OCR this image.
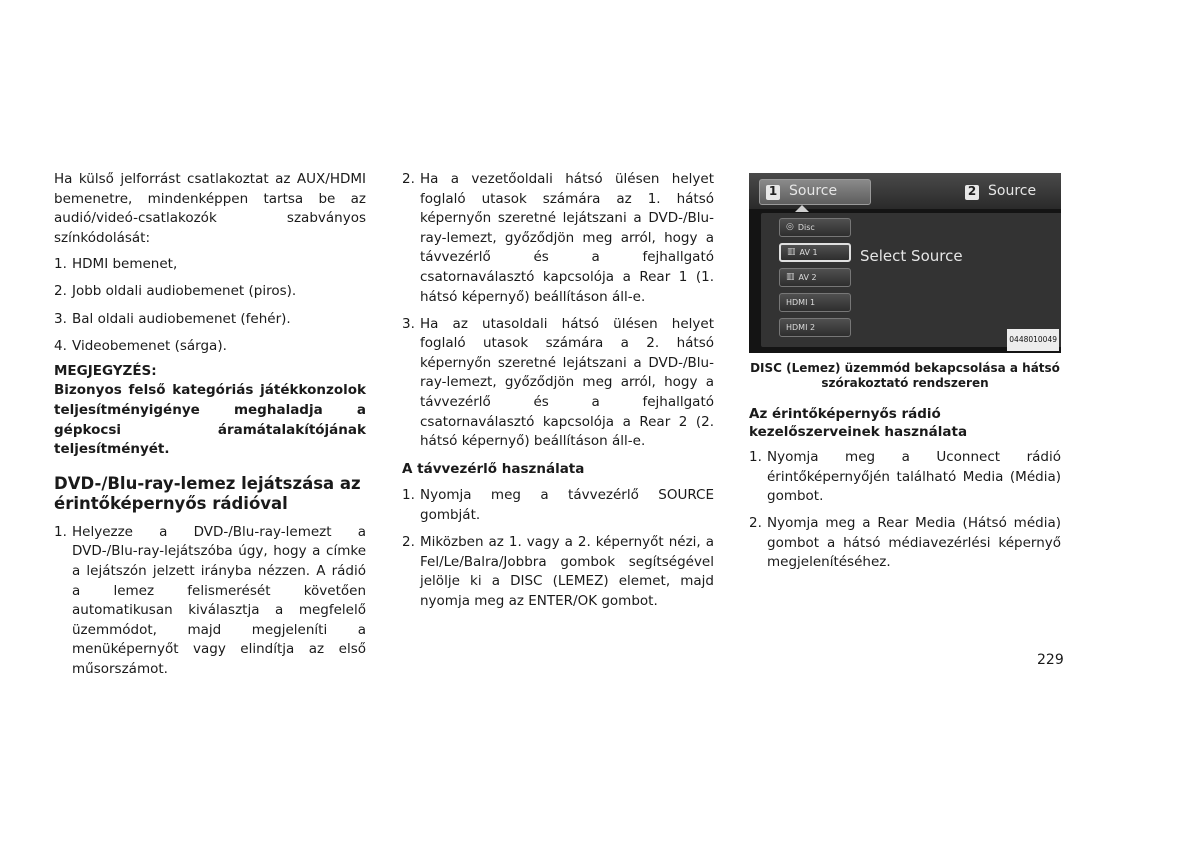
Ha külső jelforrást csatlakoztat az AUX/HDMI bemenetre, mindenképpen tartsa be az audió/videó-csatlakozók szabványos színkódolását:

1. HDMI bemenet,
2. Jobb oldali audiobemenet (piros).
3. Bal oldali audiobemenet (fehér).
4. Videobemenet (sárga).

MEGJEGYZÉS:

Bizonyos felső kategóriás játékkonzolok teljesítményigénye meghaladja a gépkocsi áramátalakítójának teljesítményét.

DVD-/Blu-ray-lemez lejátszása az érintőképernyős rádióval

1. Helyezze a DVD-/Blu-ray-lemezt a DVD-/Blu-ray-lejátszóba úgy, hogy a címke a lejátszón jelzett irányba nézzen. A rádió a lemez felismerését követően automatikusan kiválasztja a megfelelő üzemmódot, majd megjeleníti a menüképernyőt vagy elindítja az első műsorszámot.
2. Ha a vezetőoldali hátsó ülésen helyet foglaló utasok számára az 1. hátsó képernyőn szeretné lejátszani a DVD-/Blu-ray-lemezt, győződjön meg arról, hogy a távvezérlő és a fejhallgató csatornaválasztó kapcsolója a Rear 1 (1. hátsó képernyő) beállításon áll-e.
3. Ha az utasoldali hátsó ülésen helyet foglaló utasok számára a 2. hátsó képernyőn szeretné lejátszani a DVD-/Blu-ray-lemezt, győződjön meg arról, hogy a távvezérlő és a fejhallgató csatornaválasztó kapcsolója a Rear 2 (2. hátsó képernyő) beállításon áll-e.

A távvezérlő használata

1. Nyomja meg a távvezérlő SOURCE gombját.
2. Miközben az 1. vagy a 2. képernyőt nézi, a Fel/Le/Balra/Jobbra gombok segítségével jelölje ki a DISC (LEMEZ) elemet, majd nyomja meg az ENTER/OK gombot.
1 Source	2 Source
◎ Disc
▥ AV 1
▥ AV 2
HDMI 1
HDMI 2
Select Source
0448010049

DISC (Lemez) üzemmód bekapcsolása a hátsó szórakoztató rendszeren

Az érintőképernyős rádió kezelőszerveinek használata

1. Nyomja meg a Uconnect rádió érintőképernyőjén található Media (Média) gombot.
2. Nyomja meg a Rear Media (Hátsó média) gombot a hátsó médiavezérlési képernyő megjelenítéséhez.
229
